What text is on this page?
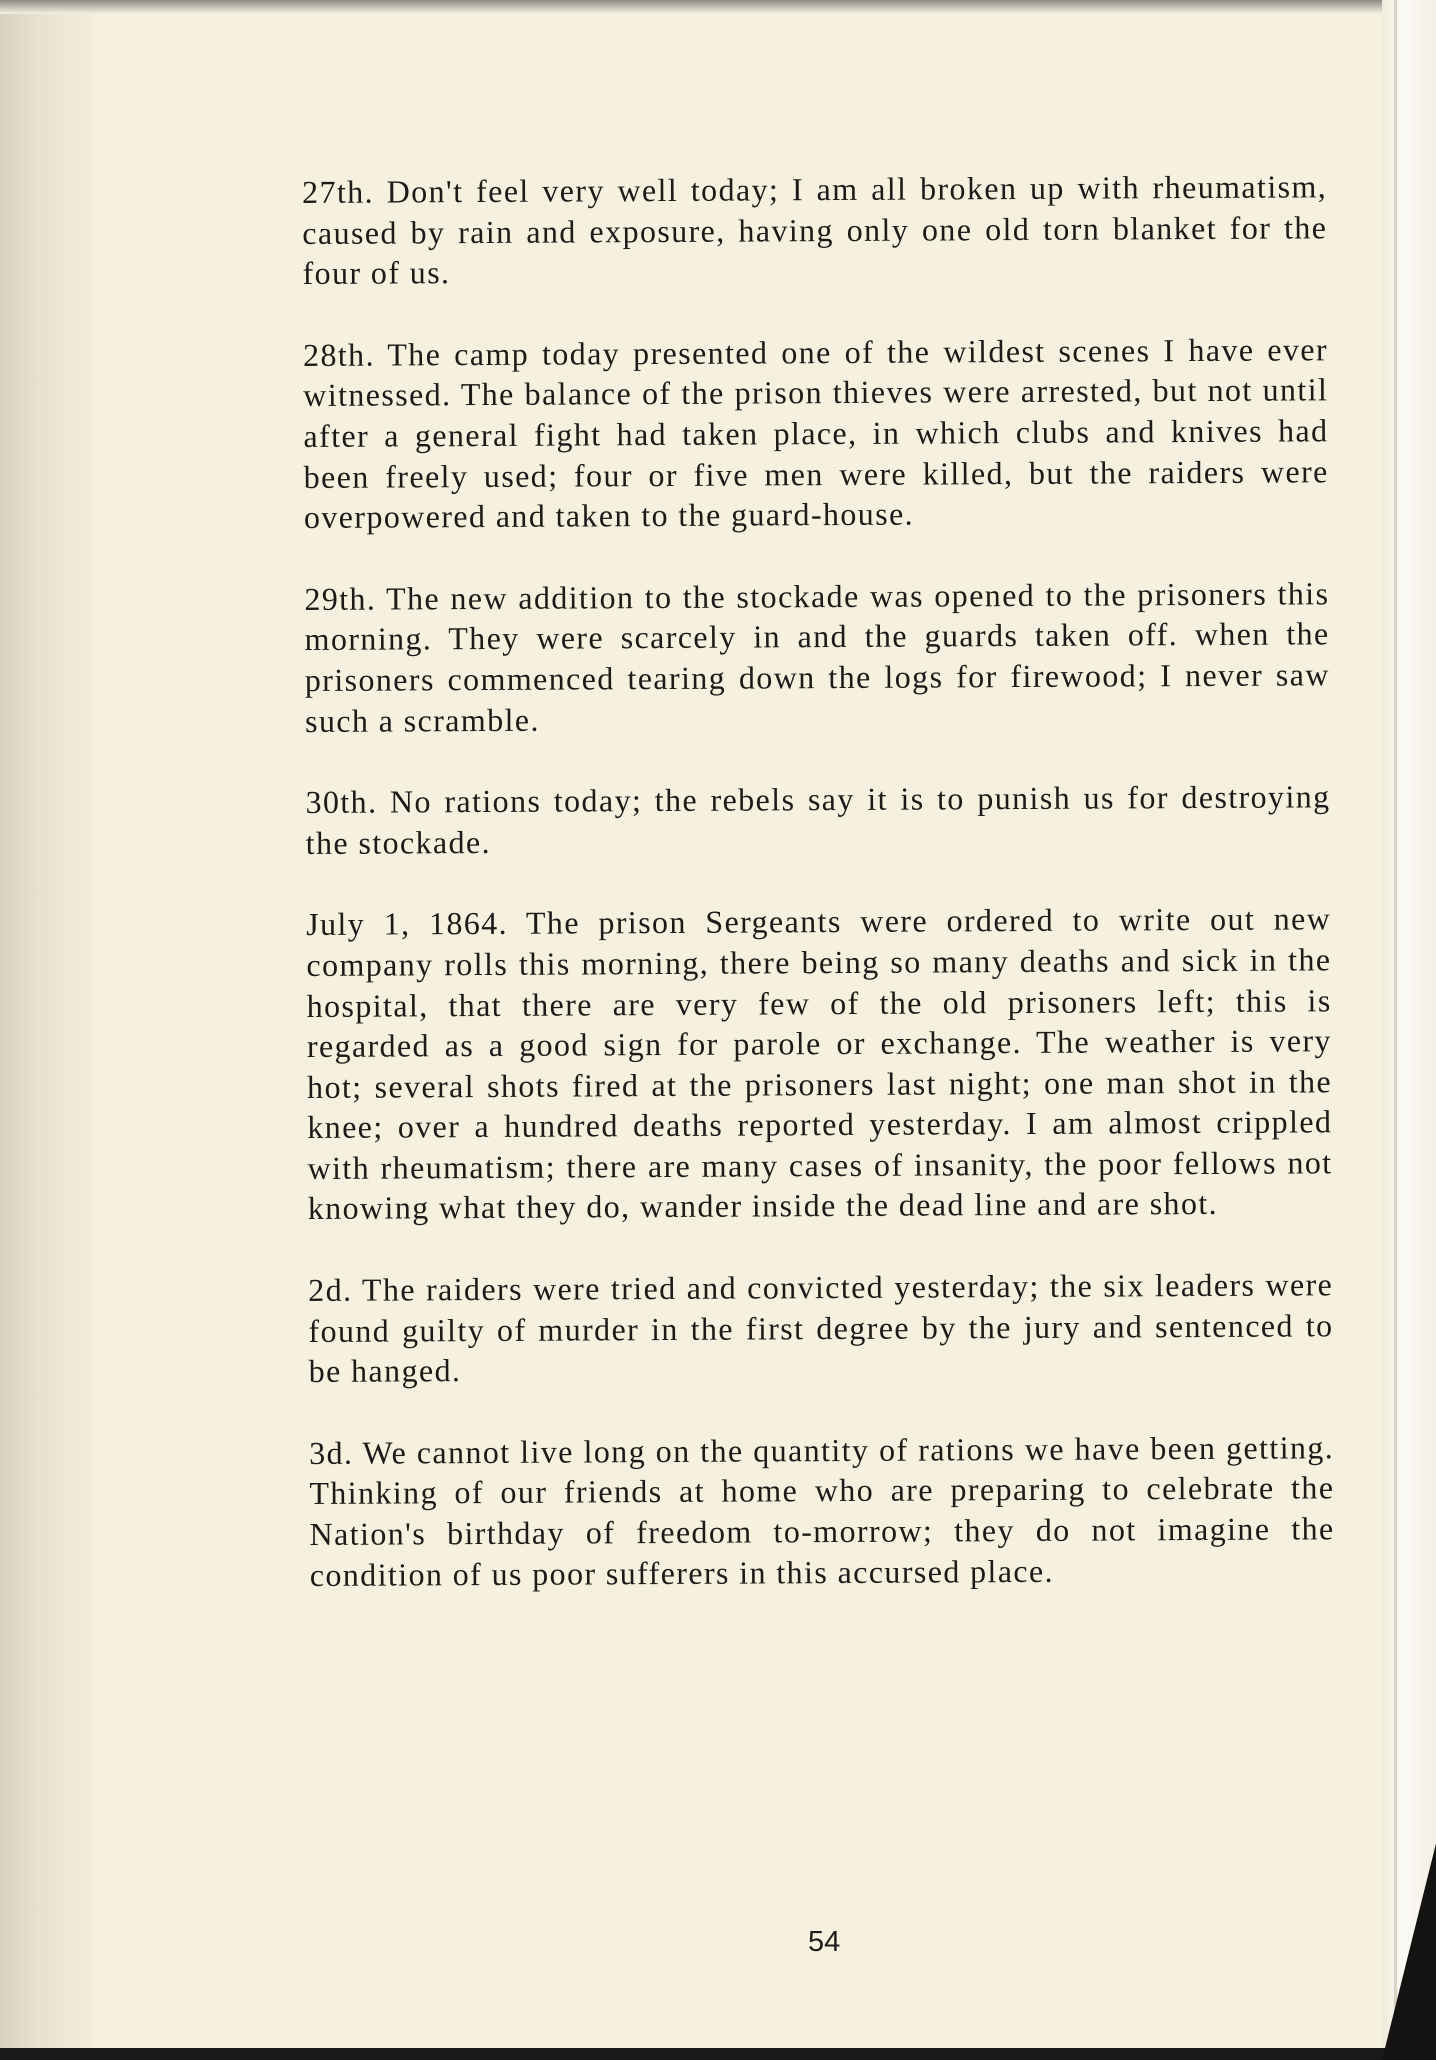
27th. Don't feel very well today; I am all broken up with rheumatism, caused by rain and exposure, having only one old torn blanket for the four of us.

28th. The camp today presented one of the wildest scenes I have ever witnessed. The balance of the prison thieves were arrested, but not until after a general fight had taken place, in which clubs and knives had been freely used; four or five men were killed, but the raiders were overpowered and taken to the guard-house.

29th. The new addition to the stockade was opened to the prisoners this morning. They were scarcely in and the guards taken off. when the prisoners commenced tearing down the logs for firewood; I never saw such a scramble.

30th. No rations today; the rebels say it is to punish us for destroying the stockade.

July 1, 1864. The prison Sergeants were ordered to write out new company rolls this morning, there being so many deaths and sick in the hospital, that there are very few of the old prisoners left; this is regarded as a good sign for parole or exchange. The weather is very hot; several shots fired at the prisoners last night; one man shot in the knee; over a hundred deaths reported yesterday. I am almost crippled with rheumatism; there are many cases of insanity, the poor fellows not knowing what they do, wander inside the dead line and are shot.

2d. The raiders were tried and convicted yesterday; the six leaders were found guilty of murder in the first degree by the jury and sentenced to be hanged.

3d. We cannot live long on the quantity of rations we have been getting. Thinking of our friends at home who are preparing to celebrate the Nation's birthday of freedom to-morrow; they do not imagine the condition of us poor sufferers in this accursed place.

54
